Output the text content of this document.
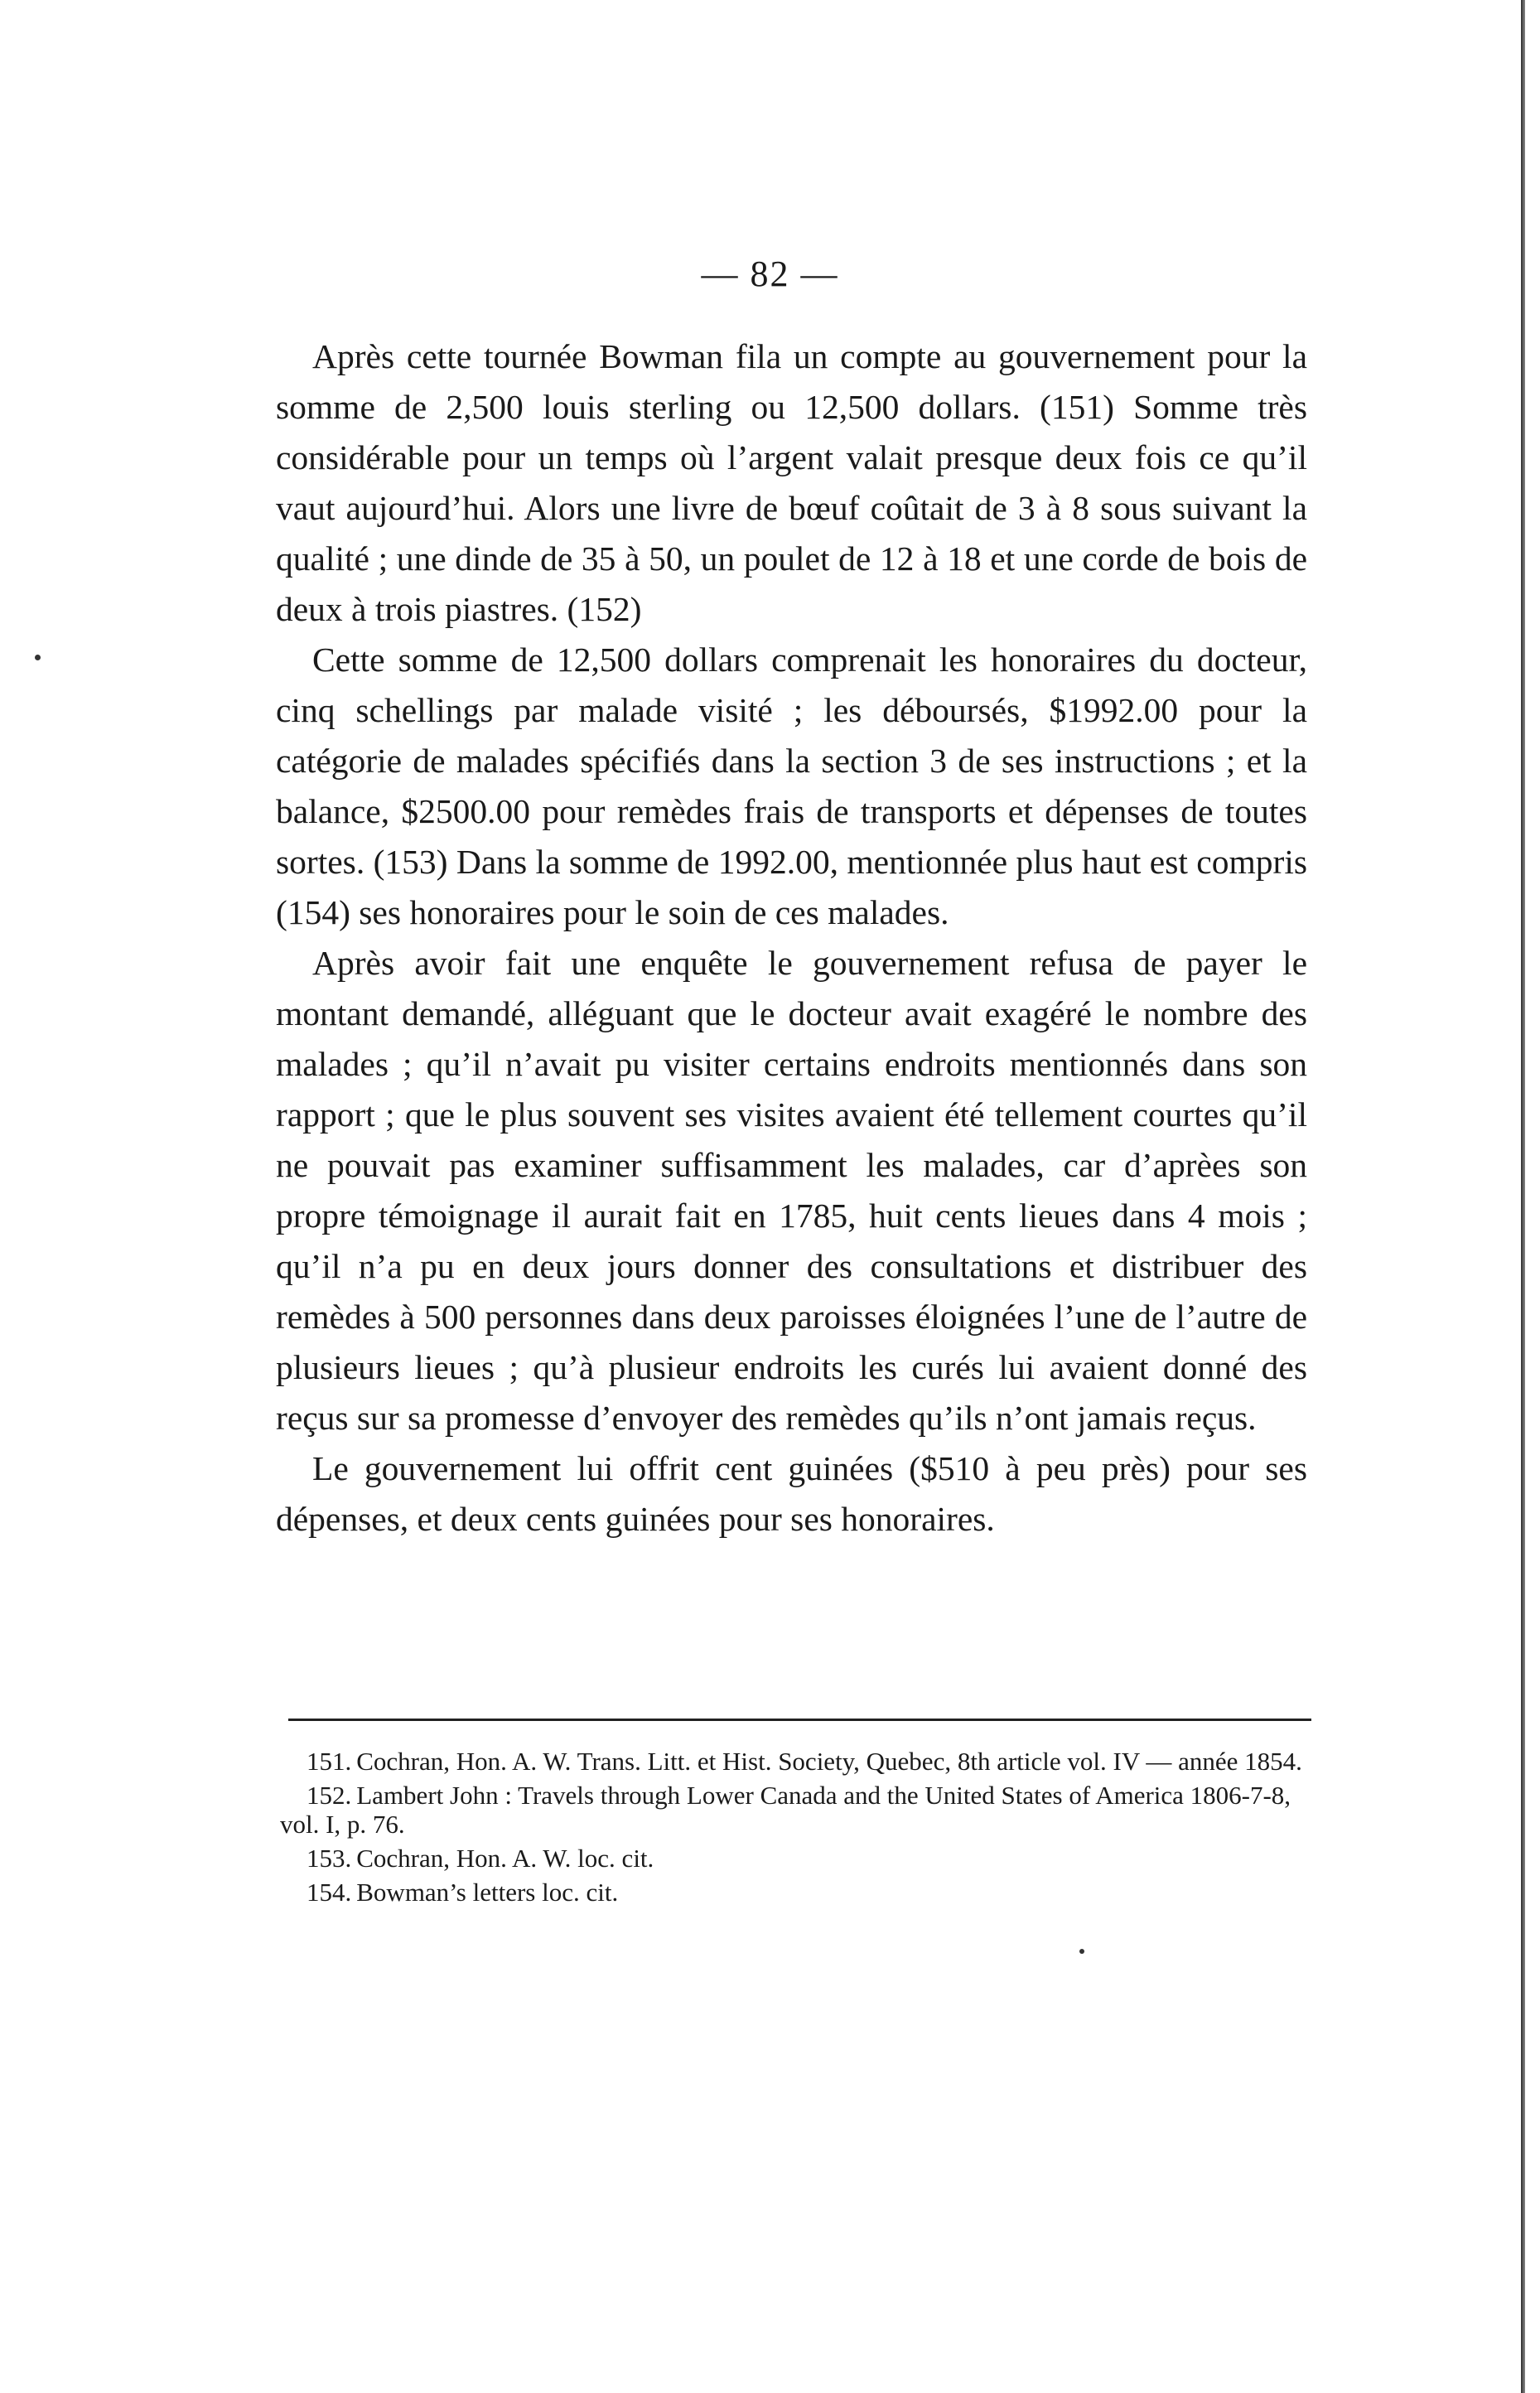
— 82 —

Après cette tournée Bowman fila un compte au gouvernement pour la somme de 2,500 louis sterling ou 12,500 dollars. (151) Somme très considérable pour un temps où l’argent valait presque deux fois ce qu’il vaut aujourd’hui. Alors une livre de bœuf coûtait de 3 à 8 sous suivant la qualité ; une dinde de 35 à 50, un poulet de 12 à 18 et une corde de bois de deux à trois piastres. (152)

Cette somme de 12,500 dollars comprenait les honoraires du docteur, cinq schellings par malade visité ; les déboursés, $1992.00 pour la catégorie de malades spécifiés dans la section 3 de ses instructions ; et la balance, $2500.00 pour remèdes frais de transports et dépenses de toutes sortes. (153) Dans la somme de 1992.00, mentionnée plus haut est compris (154) ses honoraires pour le soin de ces malades.

Après avoir fait une enquête le gouvernement refusa de payer le montant demandé, alléguant que le docteur avait exagéré le nombre des malades ; qu’il n’avait pu visiter certains endroits mentionnés dans son rapport ; que le plus souvent ses visites avaient été tellement courtes qu’il ne pouvait pas examiner suffisamment les malades, car d’aprèes son propre témoignage il aurait fait en 1785, huit cents lieues dans 4 mois ; qu’il n’a pu en deux jours donner des consultations et distribuer des remèdes à 500 personnes dans deux paroisses éloignées l’une de l’autre de plusieurs lieues ; qu’à plusieur endroits les curés lui avaient donné des reçus sur sa promesse d’envoyer des remèdes qu’ils n’ont jamais reçus.

Le gouvernement lui offrit cent guinées ($510 à peu près) pour ses dépenses, et deux cents guinées pour ses honoraires.

151. Cochran, Hon. A. W. Trans. Litt. et Hist. Society, Quebec, 8th article vol. IV — année 1854.
152. Lambert John : Travels through Lower Canada and the United States of America 1806-7-8, vol. I, p. 76.
153. Cochran, Hon. A. W. loc. cit.
154. Bowman’s letters loc. cit.
